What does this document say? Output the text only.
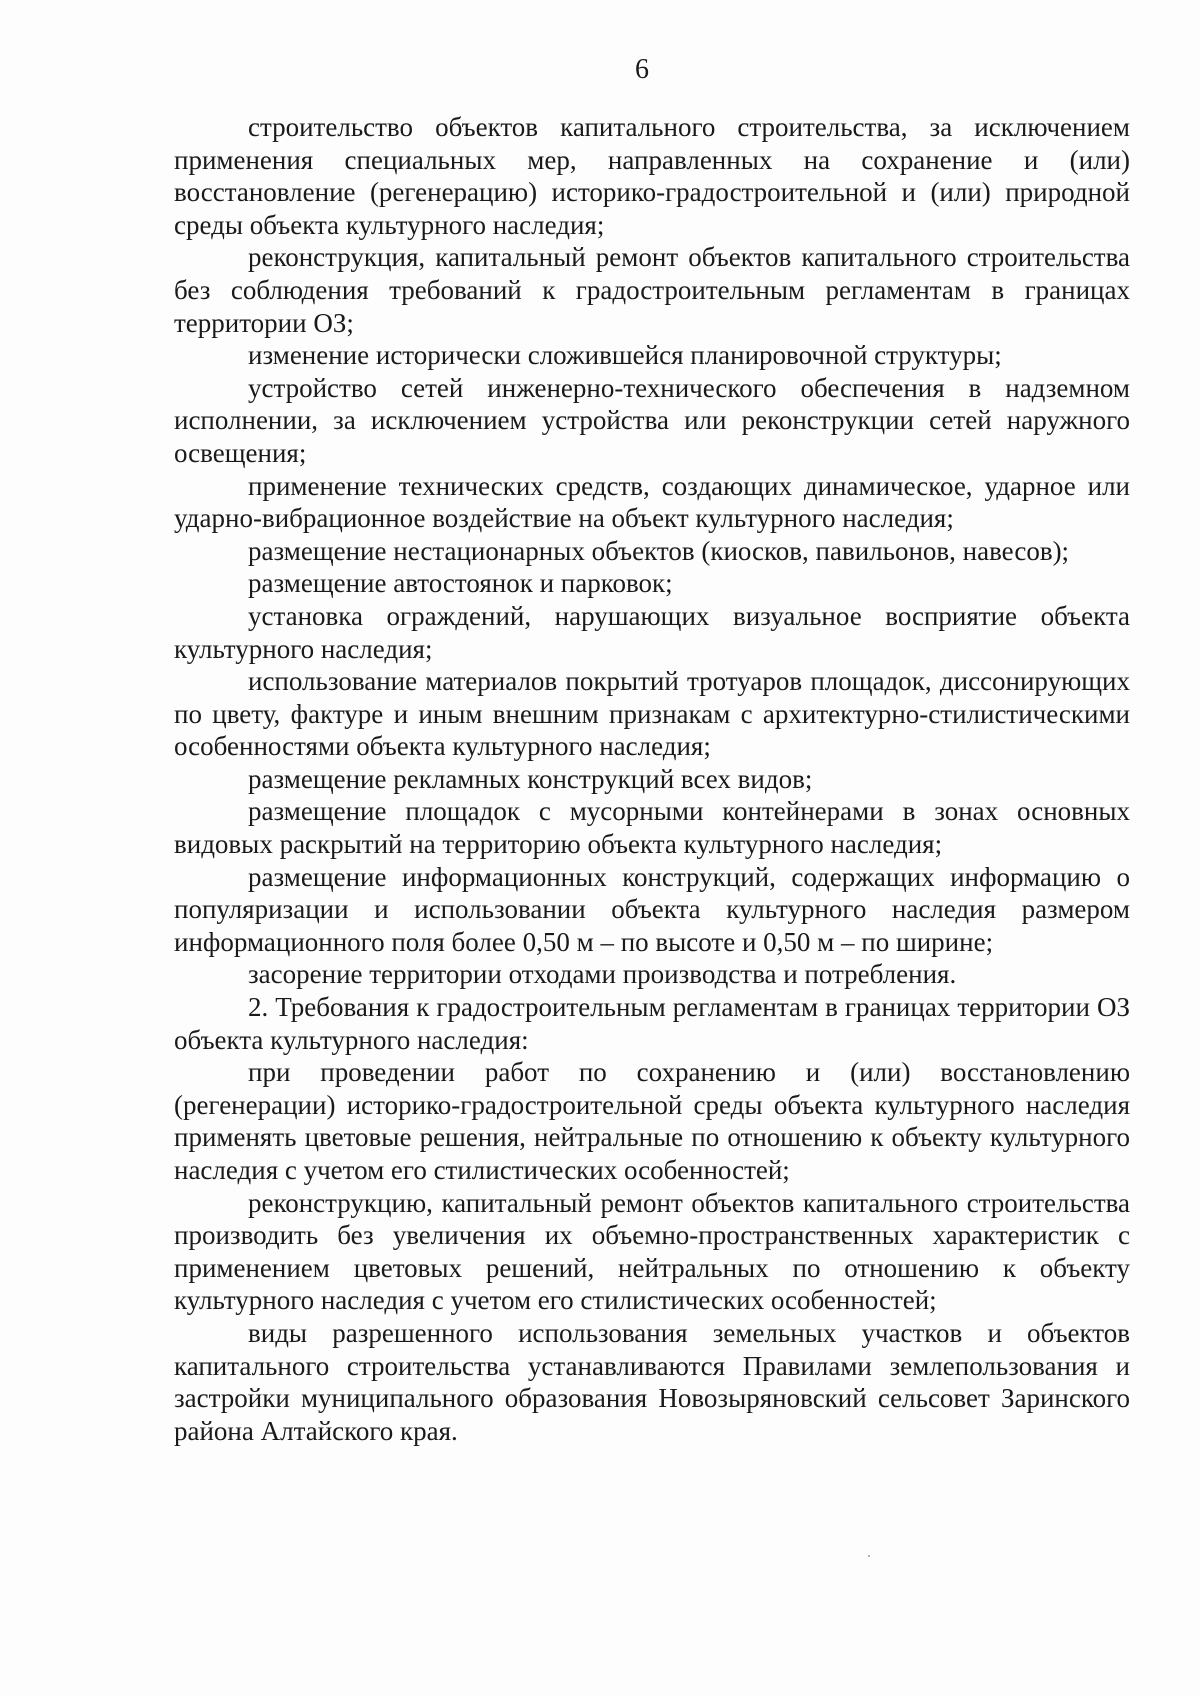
6

строительство объектов капитального строительства, за исключением применения специальных мер, направленных на сохранение и (или) восстановление (регенерацию) историко-градостроительной и (или) природной среды объекта культурного наследия;

реконструкция, капитальный ремонт объектов капитального строительства без соблюдения требований к градостроительным регламентам в границах территории ОЗ;

изменение исторически сложившейся планировочной структуры;

устройство сетей инженерно-технического обеспечения в надземном исполнении, за исключением устройства или реконструкции сетей наружного освещения;

применение технических средств, создающих динамическое, ударное или ударно-вибрационное воздействие на объект культурного наследия;

размещение нестационарных объектов (киосков, павильонов, навесов);

размещение автостоянок и парковок;

установка ограждений, нарушающих визуальное восприятие объекта культурного наследия;

использование материалов покрытий тротуаров площадок, диссонирующих по цвету, фактуре и иным внешним признакам с архитектурно-стилистическими особенностями объекта культурного наследия;

размещение рекламных конструкций всех видов;

размещение площадок с мусорными контейнерами в зонах основных видовых раскрытий на территорию объекта культурного наследия;

размещение информационных конструкций, содержащих информацию о популяризации и использовании объекта культурного наследия размером информационного поля более 0,50 м – по высоте и 0,50 м – по ширине;

засорение территории отходами производства и потребления.

2. Требования к градостроительным регламентам в границах территории ОЗ объекта культурного наследия:

при проведении работ по сохранению и (или) восстановлению (регенерации) историко-градостроительной среды объекта культурного наследия применять цветовые решения, нейтральные по отношению к объекту культурного наследия с учетом его стилистических особенностей;

реконструкцию, капитальный ремонт объектов капитального строительства производить без увеличения их объемно-пространственных характеристик с применением цветовых решений, нейтральных по отношению к объекту культурного наследия с учетом его стилистических особенностей;

виды разрешенного использования земельных участков и объектов капитального строительства устанавливаются Правилами землепользования и застройки муниципального образования Новозыряновский сельсовет Заринского района Алтайского края.
